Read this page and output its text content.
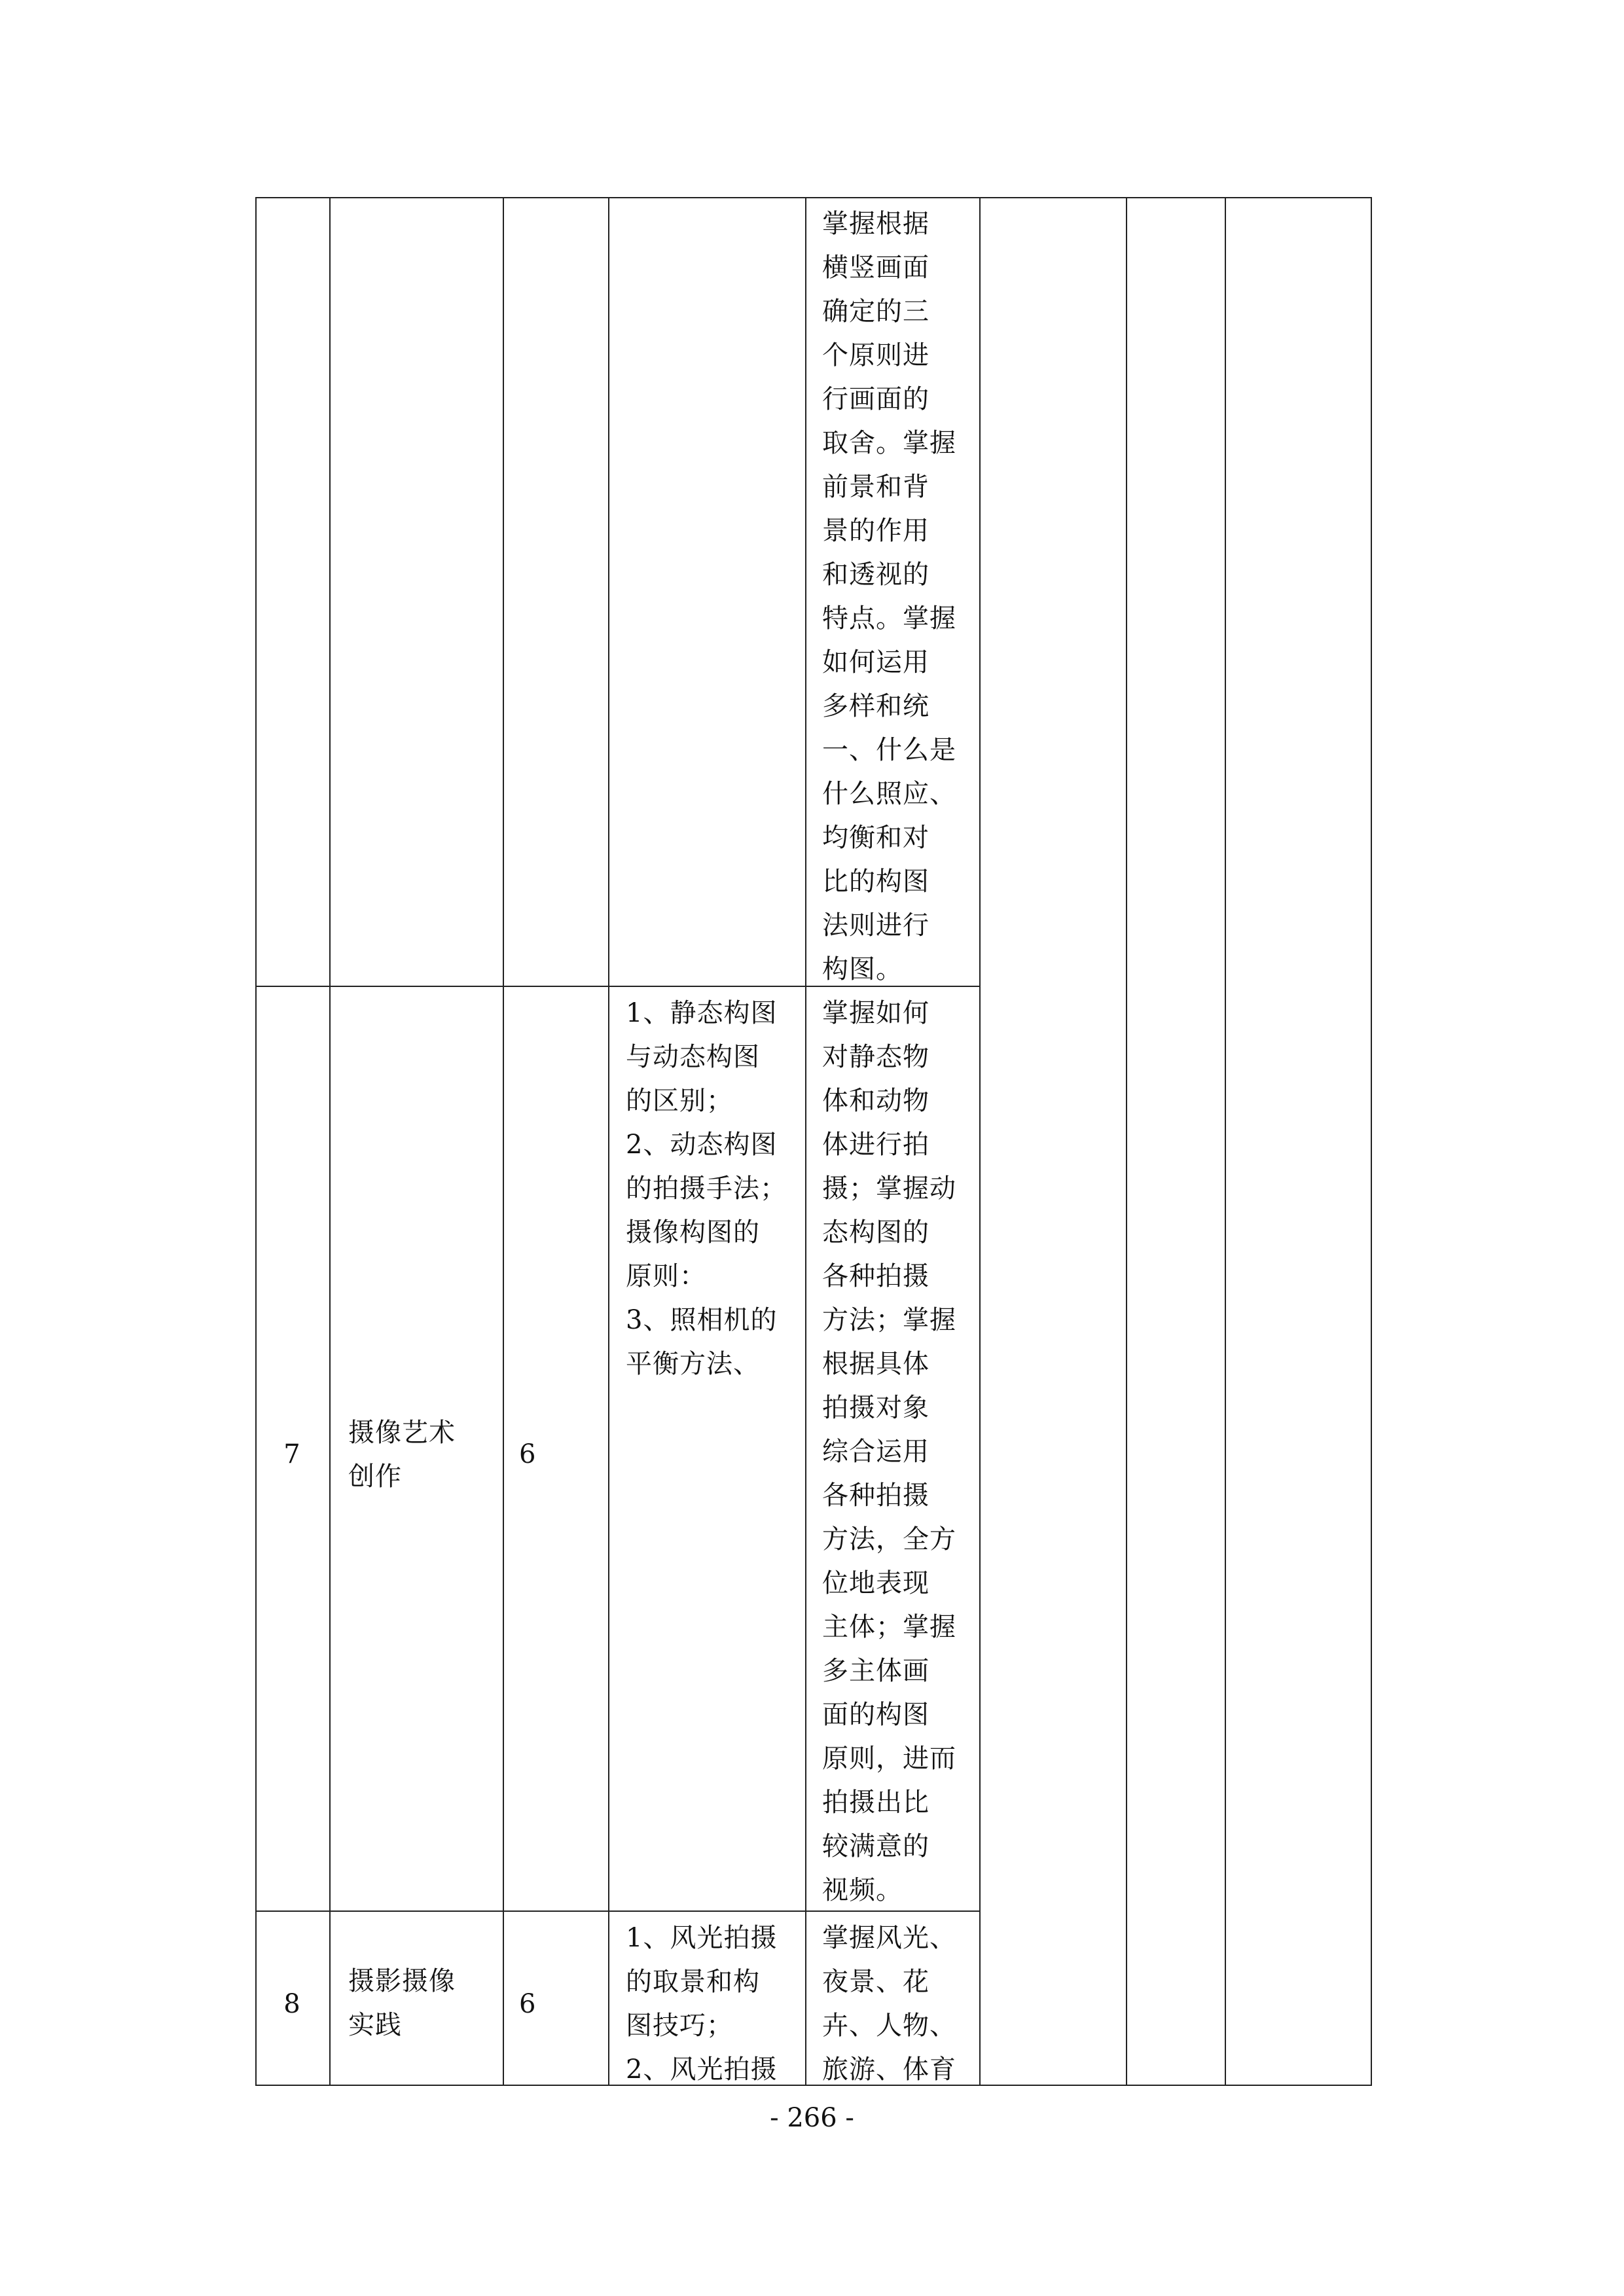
掌握根据
横竖画面
确定的三
个原则进
行画面的
取舍。掌握
前景和背
景的作用
和透视的
特点。掌握
如何运用
多样和统
一、什么是
什么照应、
均衡和对
比的构图
法则进行
构图。
7
摄像艺术
创作
6
1、静态构图
与动态构图
的区别；
2、动态构图
的拍摄手法；
摄像构图的
原则：
3、照相机的
平衡方法、
掌握如何
对静态物
体和动物
体进行拍
摄；掌握动
态构图的
各种拍摄
方法；掌握
根据具体
拍摄对象
综合运用
各种拍摄
方法，全方
位地表现
主体；掌握
多主体画
面的构图
原则，进而
拍摄出比
较满意的
视频。
8
摄影摄像
实践
6
1、风光拍摄
的取景和构
图技巧；
2、风光拍摄
掌握风光、
夜景、花
卉、人物、
旅游、体育
- 266 -
